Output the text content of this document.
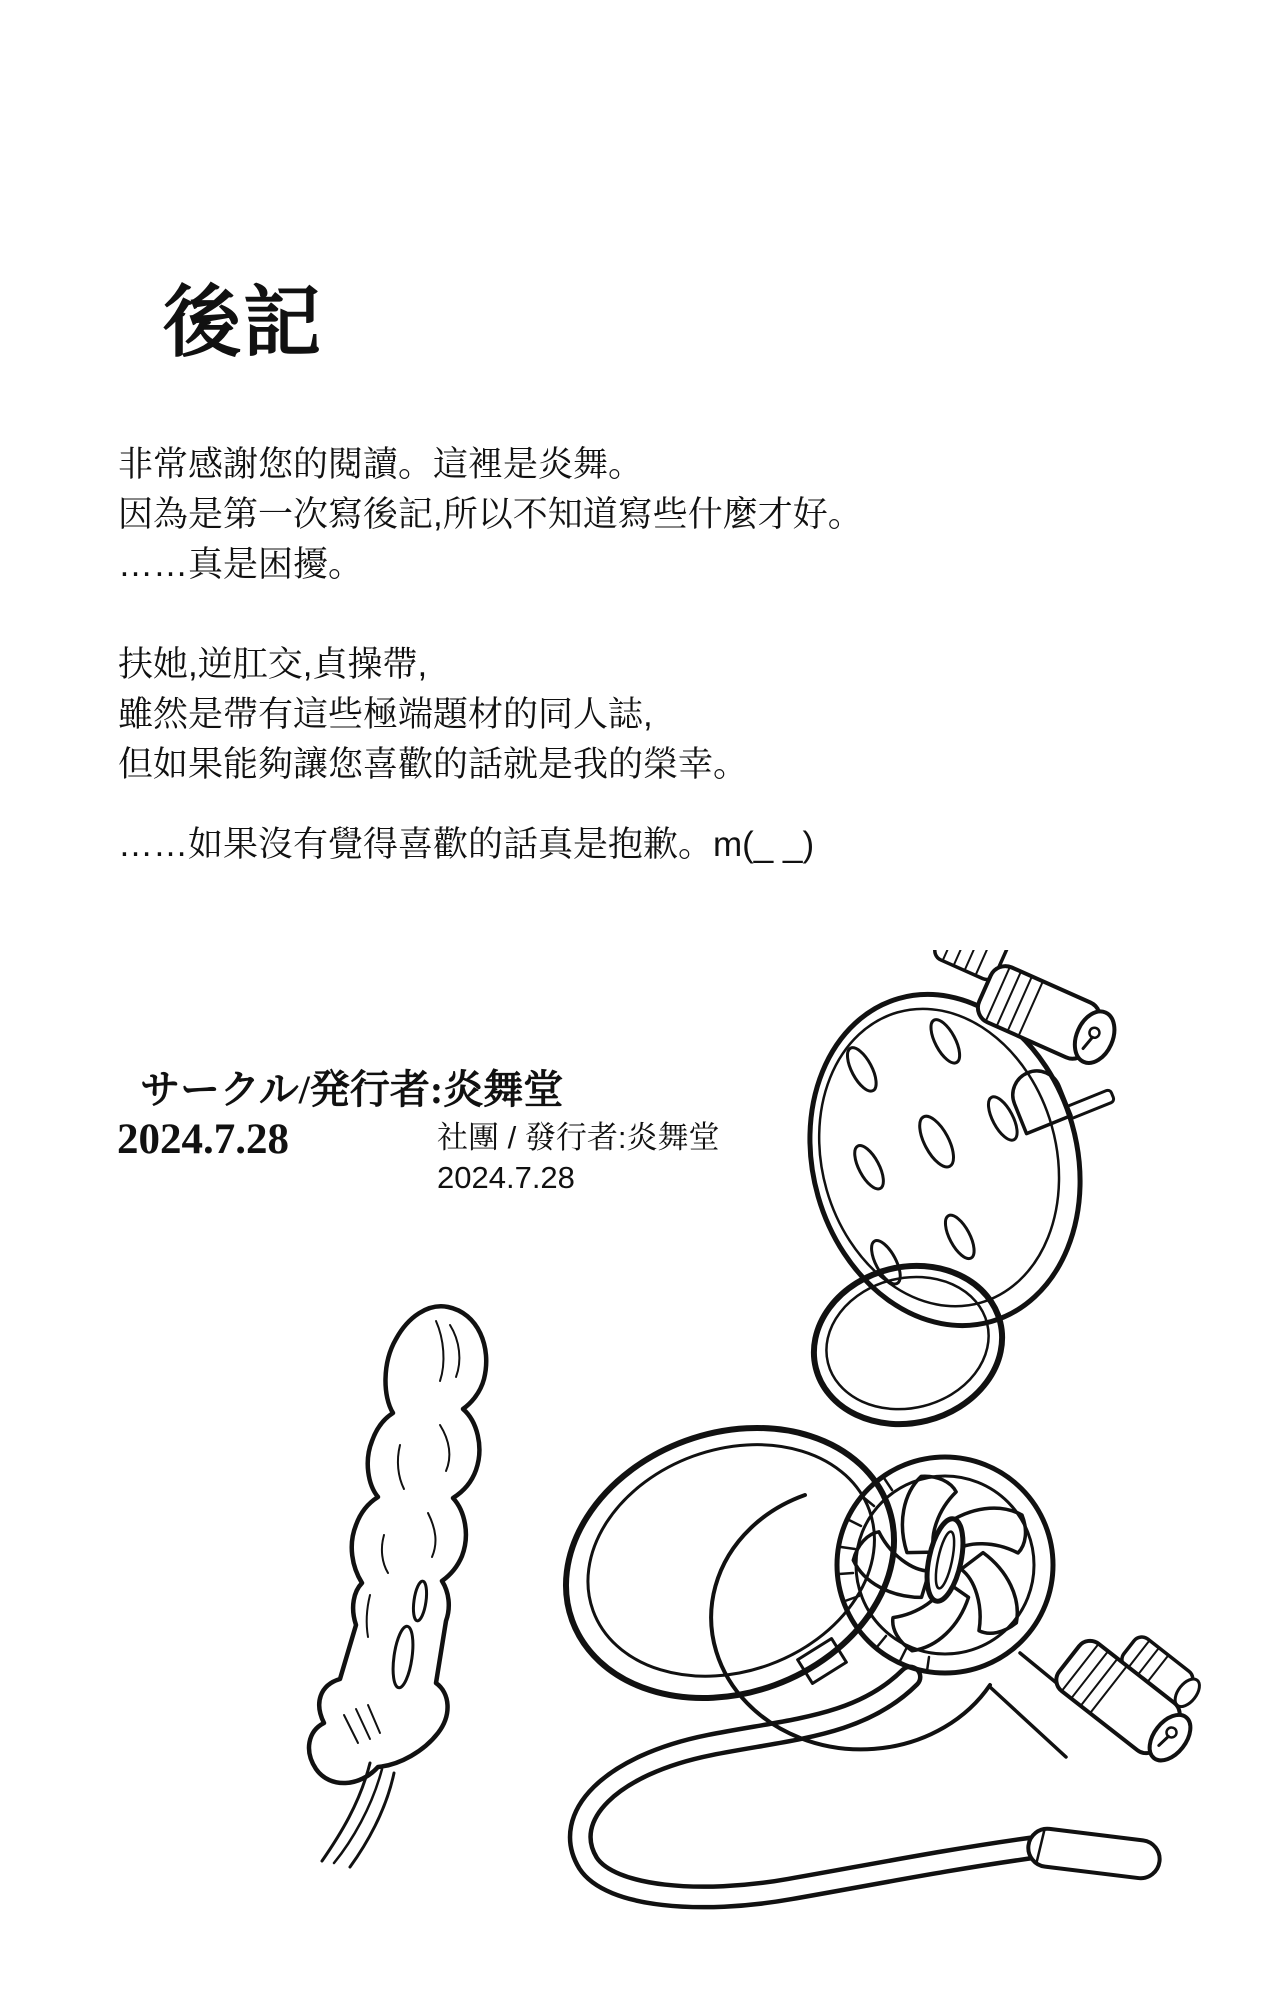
後記

非常感謝您的閱讀。這裡是炎舞。
因為是第一次寫後記,所以不知道寫些什麼才好。
……真是困擾。

扶她,逆肛交,貞操帶,
雖然是帶有這些極端題材的同人誌,
但如果能夠讓您喜歡的話就是我的榮幸。

……如果沒有覺得喜歡的話真是抱歉。m(_ _)

サークル/発行者:炎舞堂
2024.7.28	社團 / 發行者:炎舞堂
2024.7.28
